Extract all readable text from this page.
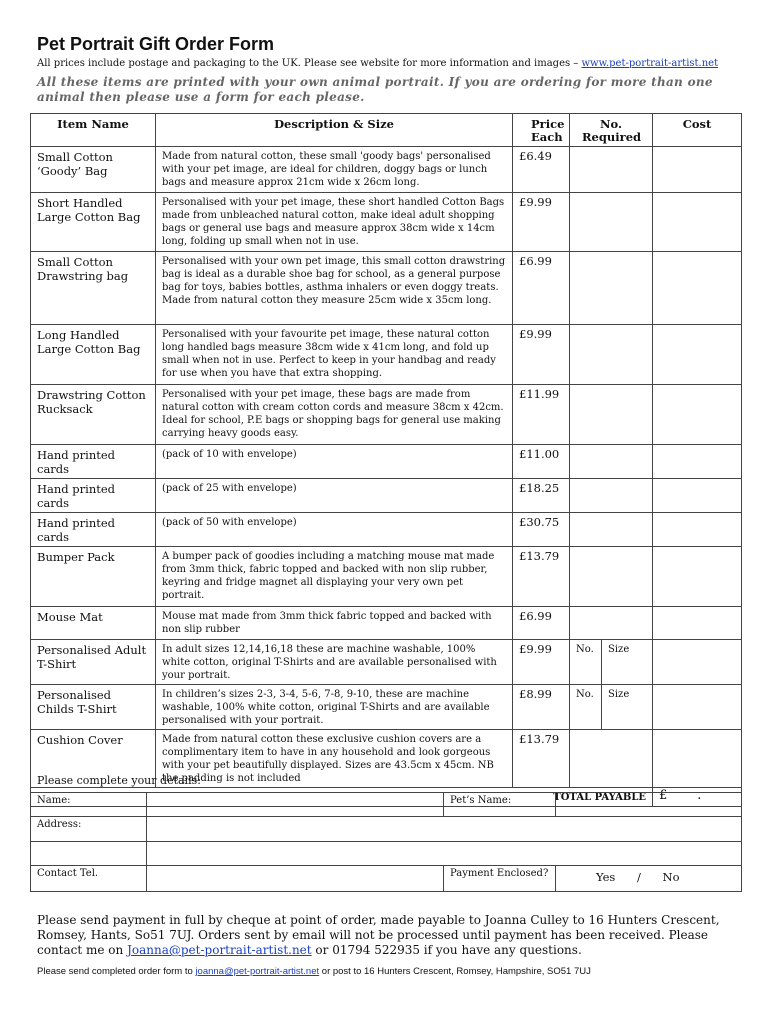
Pet Portrait Gift Order Form
All prices include postage and packaging to the UK. Please see website for more information and images – www.pet-portrait-artist.net
All these items are printed with your own animal portrait. If you are ordering for more than one animal then please use a form for each please.
Item Name	Description & Size	Price Each	No. Required		Cost
Small Cotton ‘Goody’ Bag	Made from natural cotton, these small 'goody bags' personalised with your pet image, are ideal for children, doggy bags or lunch bags and measure approx 21cm wide x 26cm long.	£6.49			
Short Handled Large Cotton Bag	Personalised with your pet image, these short handled Cotton Bags made from unbleached natural cotton, make ideal adult shopping bags or general use bags and measure approx 38cm wide x 14cm long, folding up small when not in use.	£9.99			
Small Cotton Drawstring bag	Personalised with your own pet image, this small cotton drawstring bag is ideal as a durable shoe bag for school, as a general purpose bag for toys, babies bottles, asthma inhalers or even doggy treats. Made from natural cotton they measure 25cm wide x 35cm long.	£6.99			
Long Handled Large Cotton Bag	Personalised with your favourite pet image, these natural cotton long handled bags measure 38cm wide x 41cm long, and fold up small when not in use. Perfect to keep in your handbag and ready for use when you have that extra shopping.	£9.99			
Drawstring Cotton Rucksack	Personalised with your pet image, these bags are made from natural cotton with cream cotton cords and measure 38cm x 42cm. Ideal for school, P.E bags or shopping bags for general use making carrying heavy goods easy.	£11.99			
Hand printed cards	(pack of 10 with envelope)	£11.00			
Hand printed cards	(pack of 25 with envelope)	£18.25			
Hand printed cards	(pack of 50 with envelope)	£30.75			
Bumper Pack	A bumper pack of goodies including a matching mouse mat made from 3mm thick, fabric topped and backed with non slip rubber, keyring and fridge magnet all displaying your very own pet portrait.	£13.79			
Mouse Mat	Mouse mat made from 3mm thick fabric topped and backed with non slip rubber	£6.99			
Personalised Adult T-Shirt	In adult sizes 12,14,16,18 these are machine washable, 100% white cotton, original T-Shirts and are available personalised with your portrait.	£9.99	No.	Size	
Personalised Childs T-Shirt	In children’s sizes 2-3, 3-4, 5-6, 7-8, 9-10, these are machine washable, 100% white cotton, original T-Shirts and are available personalised with your portrait.	£8.99	No.	Size	
Cushion Cover	Made from natural cotton these exclusive cushion covers are a complimentary item to have in any household and look gorgeous with your pet beautifully displayed. Sizes are 43.5cm x 45cm. NB the padding is not included	£13.79			
TOTAL PAYABLE					£ .
Please complete your details:
Name:		Pet’s Name:	
Address:			

Contact Tel.		Payment Enclosed?	Yes / No
Please send payment in full by cheque at point of order, made payable to Joanna Culley to 16 Hunters Crescent, Romsey, Hants, So51 7UJ. Orders sent by email will not be processed until payment has been received. Please contact me on Joanna@pet-portrait-artist.net or 01794 522935 if you have any questions.
Please send completed order form to joanna@pet-portrait-artist.net or post to 16 Hunters Crescent, Romsey, Hampshire, SO51 7UJ
